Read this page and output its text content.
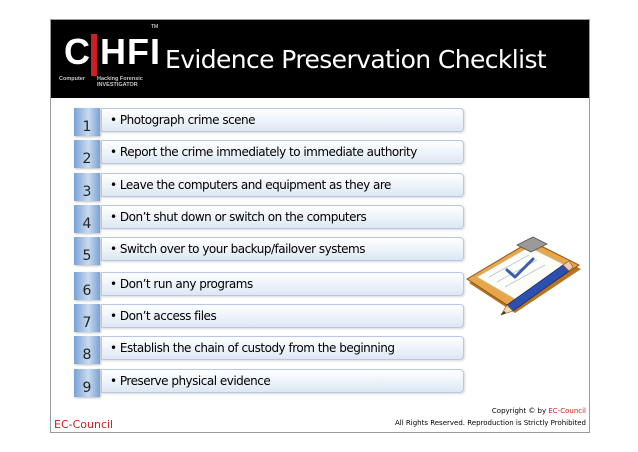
C HFI
TM
Computer Hacking Forensic INVESTIGATOR
Evidence Preservation Checklist
1	• Photograph crime scene
2	• Report the crime immediately to immediate authority
3	• Leave the computers and equipment as they are
4	• Don’t shut down or switch on the computers
5	• Switch over to your backup/failover systems
6	• Don’t run any programs
7	• Don’t access files
8	• Establish the chain of custody from the beginning
9	• Preserve physical evidence
EC-Council
Copyright © by EC-Council
All Rights Reserved. Reproduction is Strictly Prohibited
